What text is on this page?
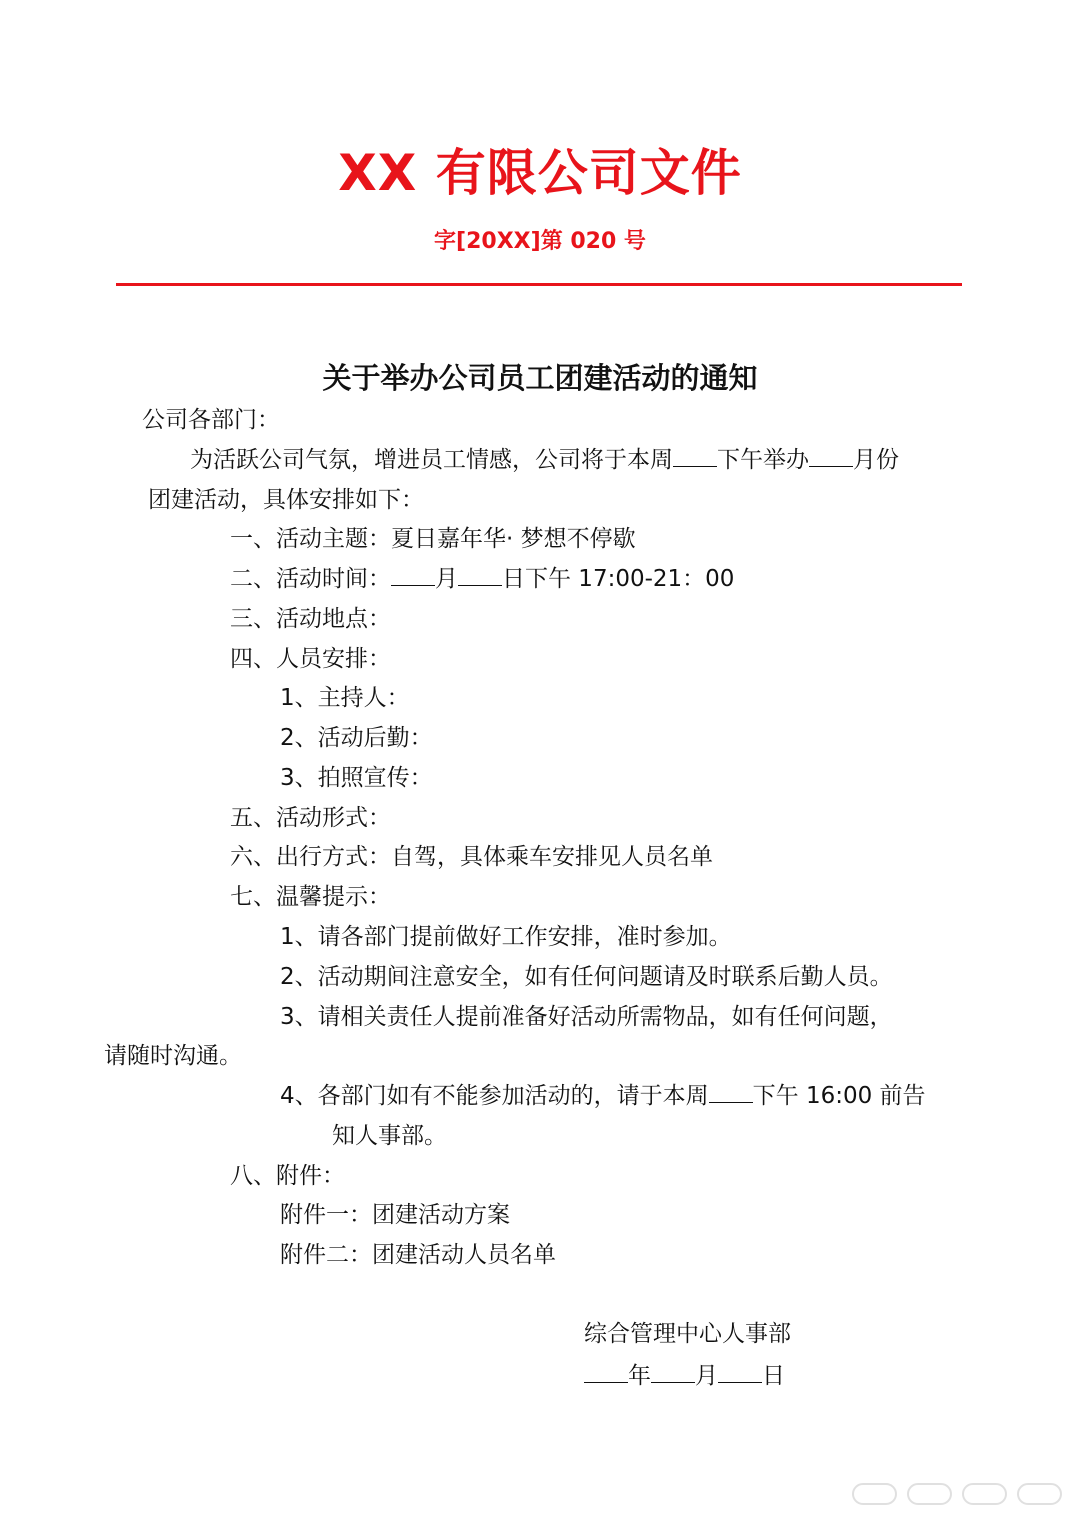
XX 有限公司文件
字[20XX]第 020 号
关于举办公司员工团建活动的通知
公司各部门：
为活跃公司气氛，增进员工情感，公司将于本周 下午举办 月份
团建活动，具体安排如下：
一、活动主题：夏日嘉年华· 梦想不停歇
二、活动时间： 月 日下午 17:00-21：00
三、活动地点：
四、人员安排：
1、主持人：
2、活动后勤：
3、拍照宣传：
五、活动形式：
六、出行方式：自驾，具体乘车安排见人员名单
七、温馨提示：
1、请各部门提前做好工作安排，准时参加。
2、活动期间注意安全，如有任何问题请及时联系后勤人员。
3、请相关责任人提前准备好活动所需物品，如有任何问题，
请随时沟通。
4、各部门如有不能参加活动的，请于本周 下午 16:00 前告
知人事部。
八、附件：
附件一：团建活动方案
附件二：团建活动人员名单
综合管理中心人事部
年 月 日
